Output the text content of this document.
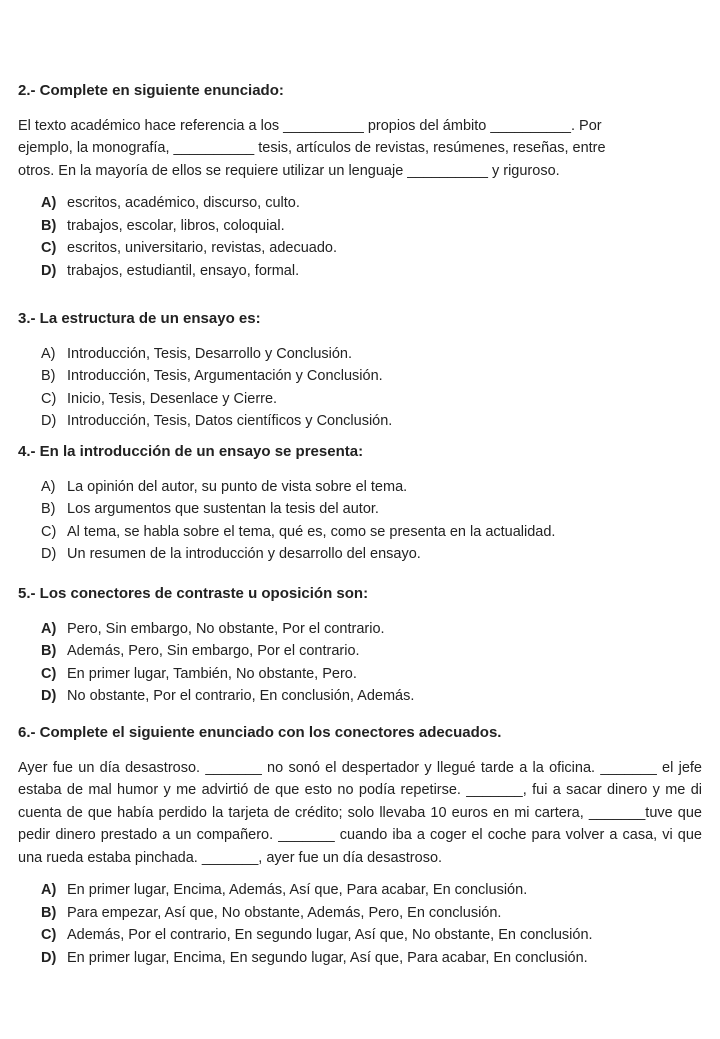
2.- Complete en siguiente enunciado:
El texto académico hace referencia a los __________ propios del ámbito __________. Por
ejemplo, la monografía, __________ tesis, artículos de revistas, resúmenes, reseñas, entre
otros. En la mayoría de ellos se requiere utilizar un lenguaje __________ y riguroso.
A) escritos, académico, discurso, culto.
B) trabajos, escolar, libros, coloquial.
C) escritos, universitario, revistas, adecuado.
D) trabajos, estudiantil, ensayo, formal.
3.- La estructura de un ensayo es:
A) Introducción, Tesis, Desarrollo y Conclusión.
B) Introducción, Tesis, Argumentación y Conclusión.
C) Inicio, Tesis, Desenlace y Cierre.
D) Introducción, Tesis, Datos científicos y Conclusión.
4.- En la introducción de un ensayo se presenta:
A) La opinión del autor, su punto de vista sobre el tema.
B) Los argumentos que sustentan la tesis del autor.
C) Al tema, se habla sobre el tema, qué es, como se presenta en la actualidad.
D) Un resumen de la introducción y desarrollo del ensayo.
5.- Los conectores de contraste u oposición son:
A) Pero, Sin embargo, No obstante, Por el contrario.
B) Además, Pero, Sin embargo, Por el contrario.
C) En primer lugar, También, No obstante, Pero.
D) No obstante, Por el contrario, En conclusión, Además.
6.- Complete el siguiente enunciado con los conectores adecuados.
Ayer fue un día desastroso. _______ no sonó el despertador y llegué tarde a la oficina. _______ el jefe estaba de mal humor y me advirtió de que esto no podía repetirse. _______, fui a sacar dinero y me di cuenta de que había perdido la tarjeta de crédito; solo llevaba 10 euros en mi cartera, _______tuve que pedir dinero prestado a un compañero. _______ cuando iba a coger el coche para volver a casa, vi que una rueda estaba pinchada. _______, ayer fue un día desastroso.
A) En primer lugar, Encima, Además, Así que, Para acabar, En conclusión.
B) Para empezar, Así que, No obstante, Además, Pero, En conclusión.
C) Además, Por el contrario, En segundo lugar, Así que, No obstante, En conclusión.
D) En primer lugar, Encima, En segundo lugar, Así que, Para acabar, En conclusión.
